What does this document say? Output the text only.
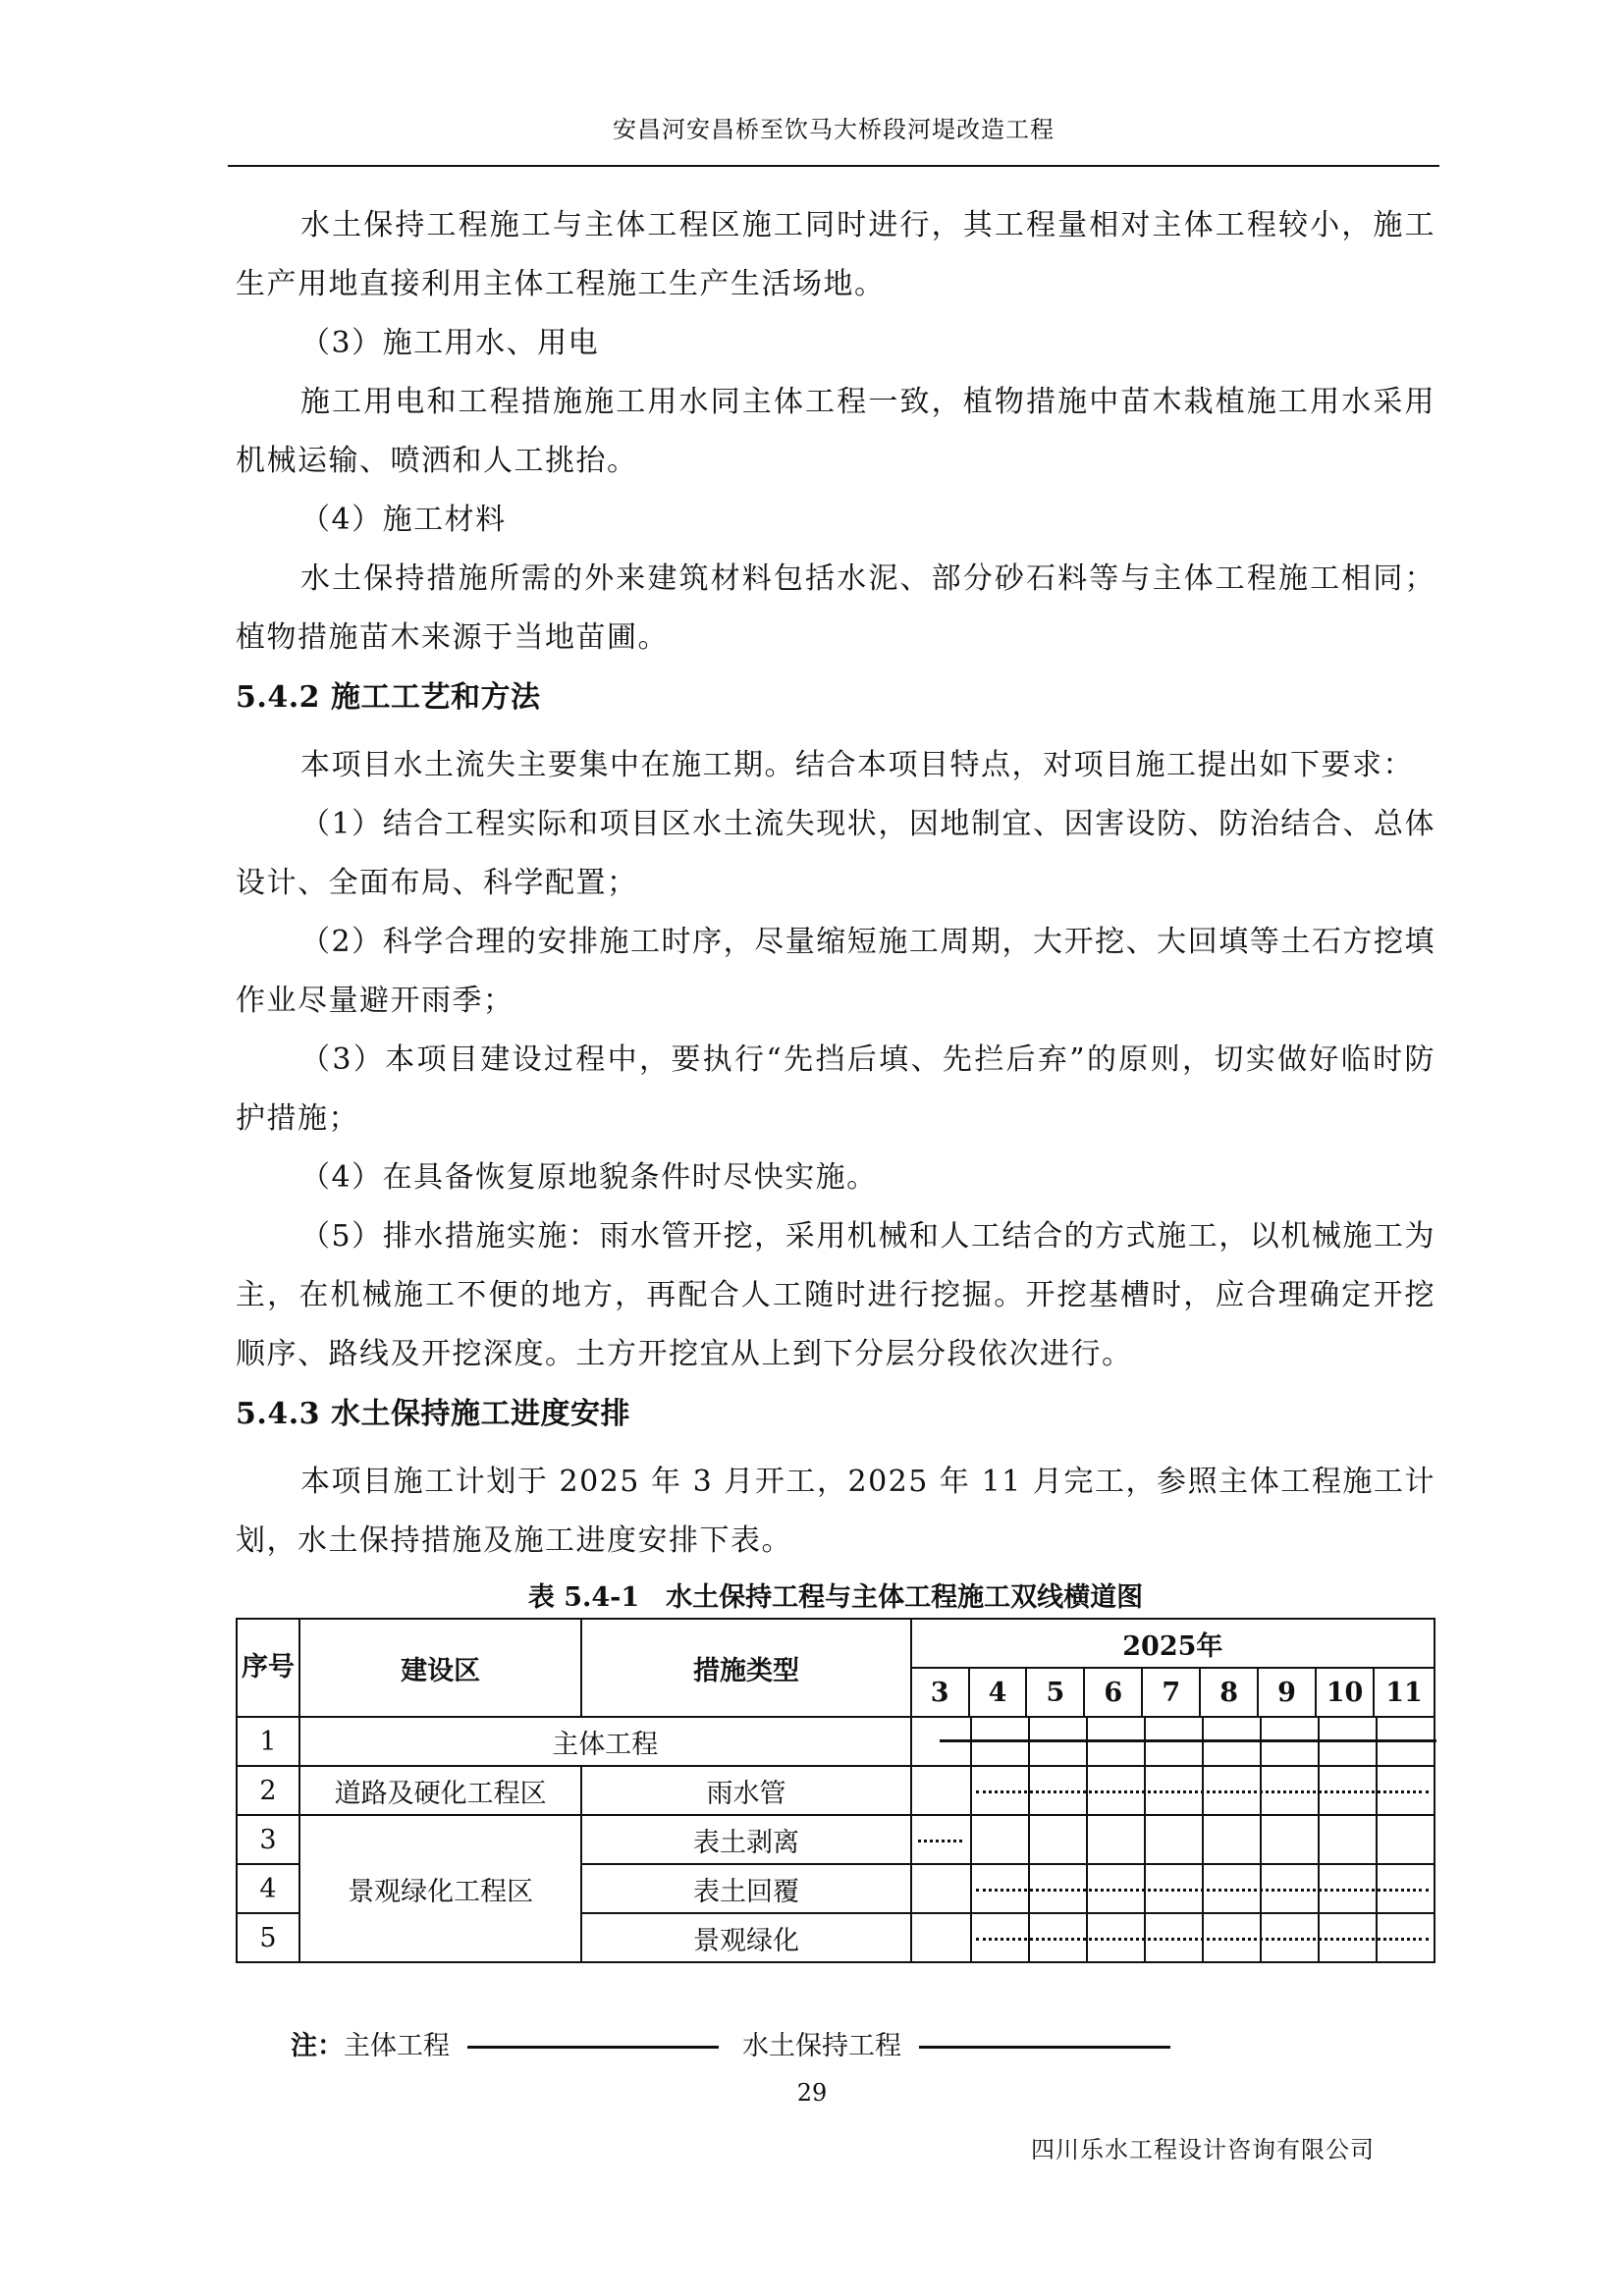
安昌河安昌桥至饮马大桥段河堤改造工程

水土保持工程施工与主体工程区施工同时进行，其工程量相对主体工程较小，施工生产用地直接利用主体工程施工生产生活场地。

（3）施工用水、用电

施工用电和工程措施施工用水同主体工程一致，植物措施中苗木栽植施工用水采用机械运输、喷洒和人工挑抬。

（4）施工材料

水土保持措施所需的外来建筑材料包括水泥、部分砂石料等与主体工程施工相同；植物措施苗木来源于当地苗圃。

5.4.2 施工工艺和方法

本项目水土流失主要集中在施工期。结合本项目特点，对项目施工提出如下要求：

（1）结合工程实际和项目区水土流失现状，因地制宜、因害设防、防治结合、总体设计、全面布局、科学配置；

（2）科学合理的安排施工时序，尽量缩短施工周期，大开挖、大回填等土石方挖填作业尽量避开雨季；

（3）本项目建设过程中，要执行“先挡后填、先拦后弃”的原则，切实做好临时防护措施；

（4）在具备恢复原地貌条件时尽快实施。

（5）排水措施实施：雨水管开挖，采用机械和人工结合的方式施工，以机械施工为主，在机械施工不便的地方，再配合人工随时进行挖掘。开挖基槽时，应合理确定开挖顺序、路线及开挖深度。土方开挖宜从上到下分层分段依次进行。

5.4.3 水土保持施工进度安排

本项目施工计划于 2025 年 3 月开工，2025 年 11 月完工，参照主体工程施工计划，水土保持措施及施工进度安排下表。

表 5.4-1　水土保持工程与主体工程施工双线横道图

序号	建设区	措施类型	2025年								
			3	4	5	6	7	8	9	10	11
1	主体工程										

2	道路及硬化工程区	雨水管									

3	景观绿化工程区	表土剥离									

4		表土回覆									

5		景观绿化									
注：主体工程	水土保持工程
29
四川乐水工程设计咨询有限公司
